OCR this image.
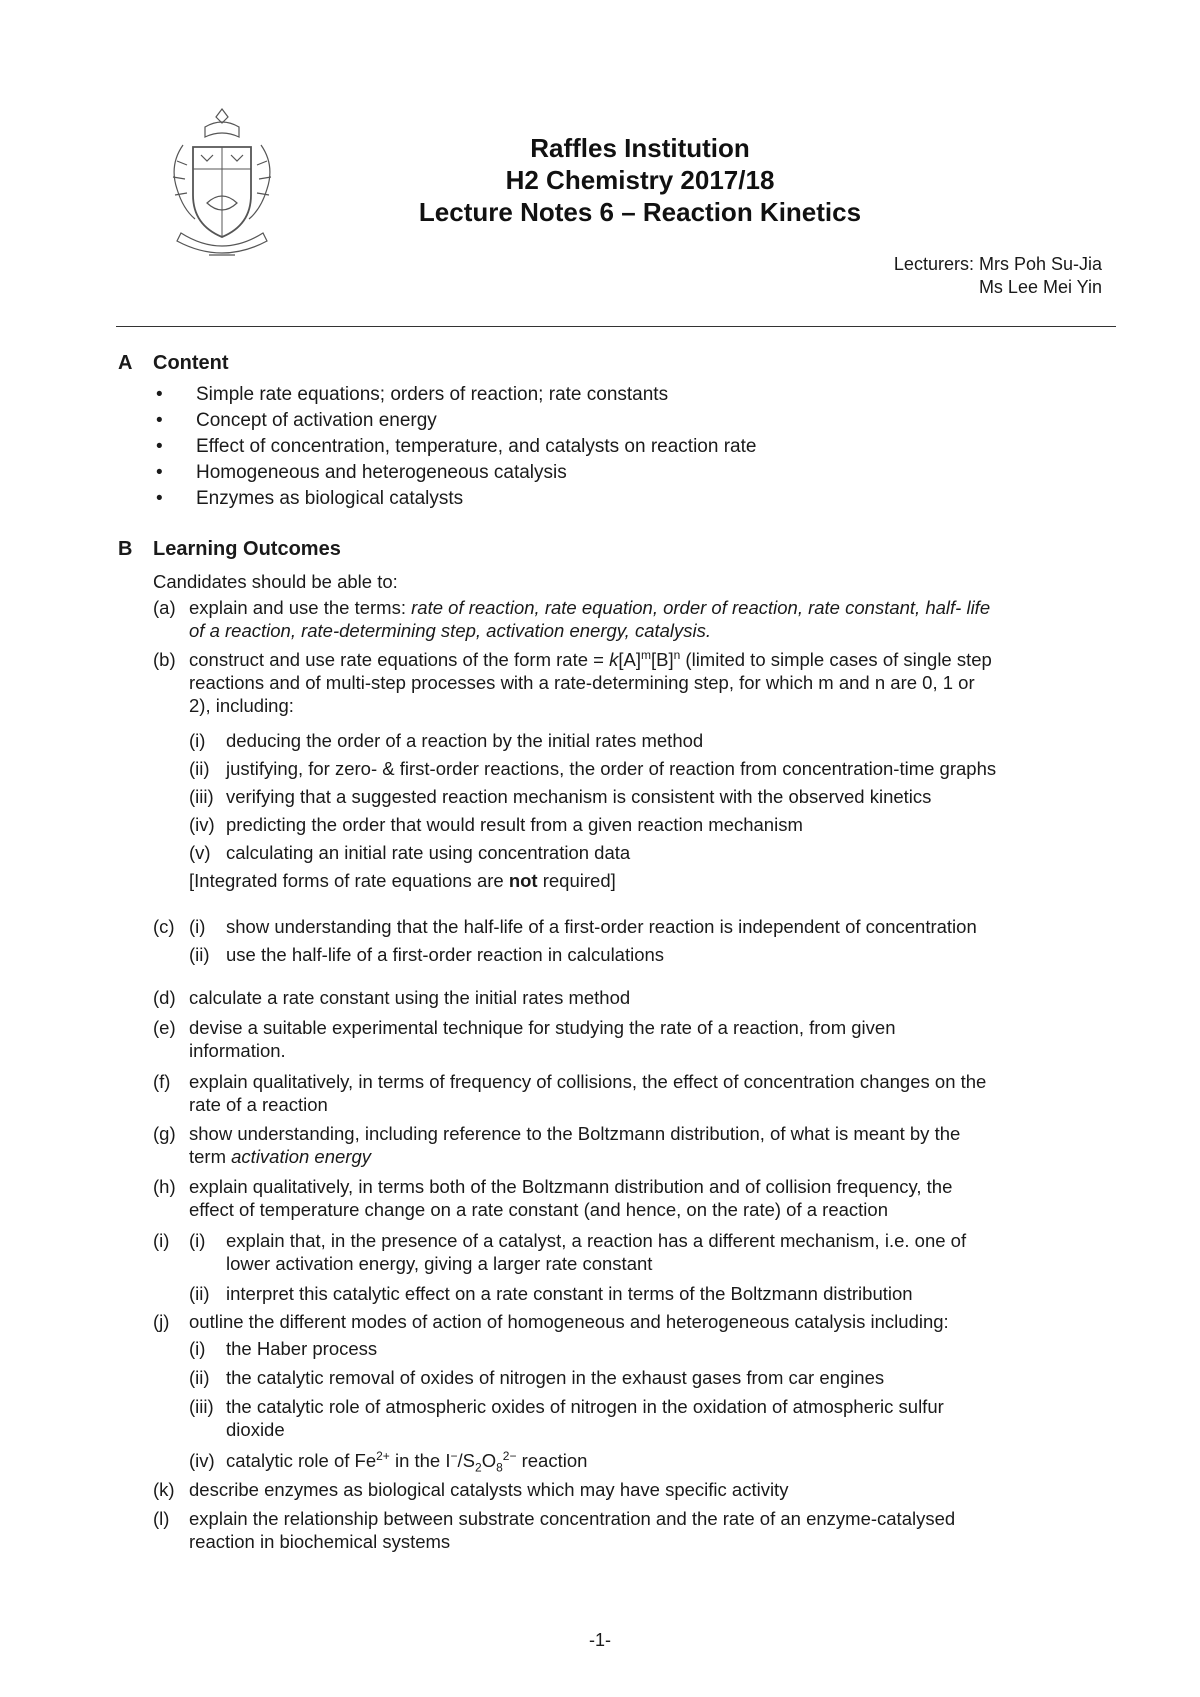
Raffles Institution
H2 Chemistry 2017/18
Lecture Notes 6 – Reaction Kinetics
Lecturers: Mrs Poh Su-Jia
Ms Lee Mei Yin
A Content
• Simple rate equations; orders of reaction; rate constants
• Concept of activation energy
• Effect of concentration, temperature, and catalysts on reaction rate
• Homogeneous and heterogeneous catalysis
• Enzymes as biological catalysts
B Learning Outcomes
Candidates should be able to:
(a) explain and use the terms: rate of reaction, rate equation, order of reaction, rate constant, half- life
of a reaction, rate-determining step, activation energy, catalysis.
(b) construct and use rate equations of the form rate = $k[A]^m[B]^n$ (limited to simple cases of single step
reactions and of multi-step processes with a rate-determining step, for which m and n are 0, 1 or
2), including:
(i) deducing the order of a reaction by the initial rates method
(ii) justifying, for zero- & first-order reactions, the order of reaction from concentration-time graphs
(iii) verifying that a suggested reaction mechanism is consistent with the observed kinetics
(iv) predicting the order that would result from a given reaction mechanism
(v) calculating an initial rate using concentration data
[Integrated forms of rate equations are not required]
(c) (i) show understanding that the half-life of a first-order reaction is independent of concentration
(ii) use the half-life of a first-order reaction in calculations
(d) calculate a rate constant using the initial rates method
(e) devise a suitable experimental technique for studying the rate of a reaction, from given
information.
(f) explain qualitatively, in terms of frequency of collisions, the effect of concentration changes on the
rate of a reaction
(g) show understanding, including reference to the Boltzmann distribution, of what is meant by the
term activation energy
(h) explain qualitatively, in terms both of the Boltzmann distribution and of collision frequency, the
effect of temperature change on a rate constant (and hence, on the rate) of a reaction
(i) (i) explain that, in the presence of a catalyst, a reaction has a different mechanism, i.e. one of
lower activation energy, giving a larger rate constant
(ii) interpret this catalytic effect on a rate constant in terms of the Boltzmann distribution
(j) outline the different modes of action of homogeneous and heterogeneous catalysis including:
(i) the Haber process
(ii) the catalytic removal of oxides of nitrogen in the exhaust gases from car engines
(iii) the catalytic role of atmospheric oxides of nitrogen in the oxidation of atmospheric sulfur
dioxide
(iv) catalytic role of $Fe^{2+}$ in the $I^-/S_2O_8^{2-}$ reaction
(k) describe enzymes as biological catalysts which may have specific activity
(l) explain the relationship between substrate concentration and the rate of an enzyme-catalysed
reaction in biochemical systems
-1-
